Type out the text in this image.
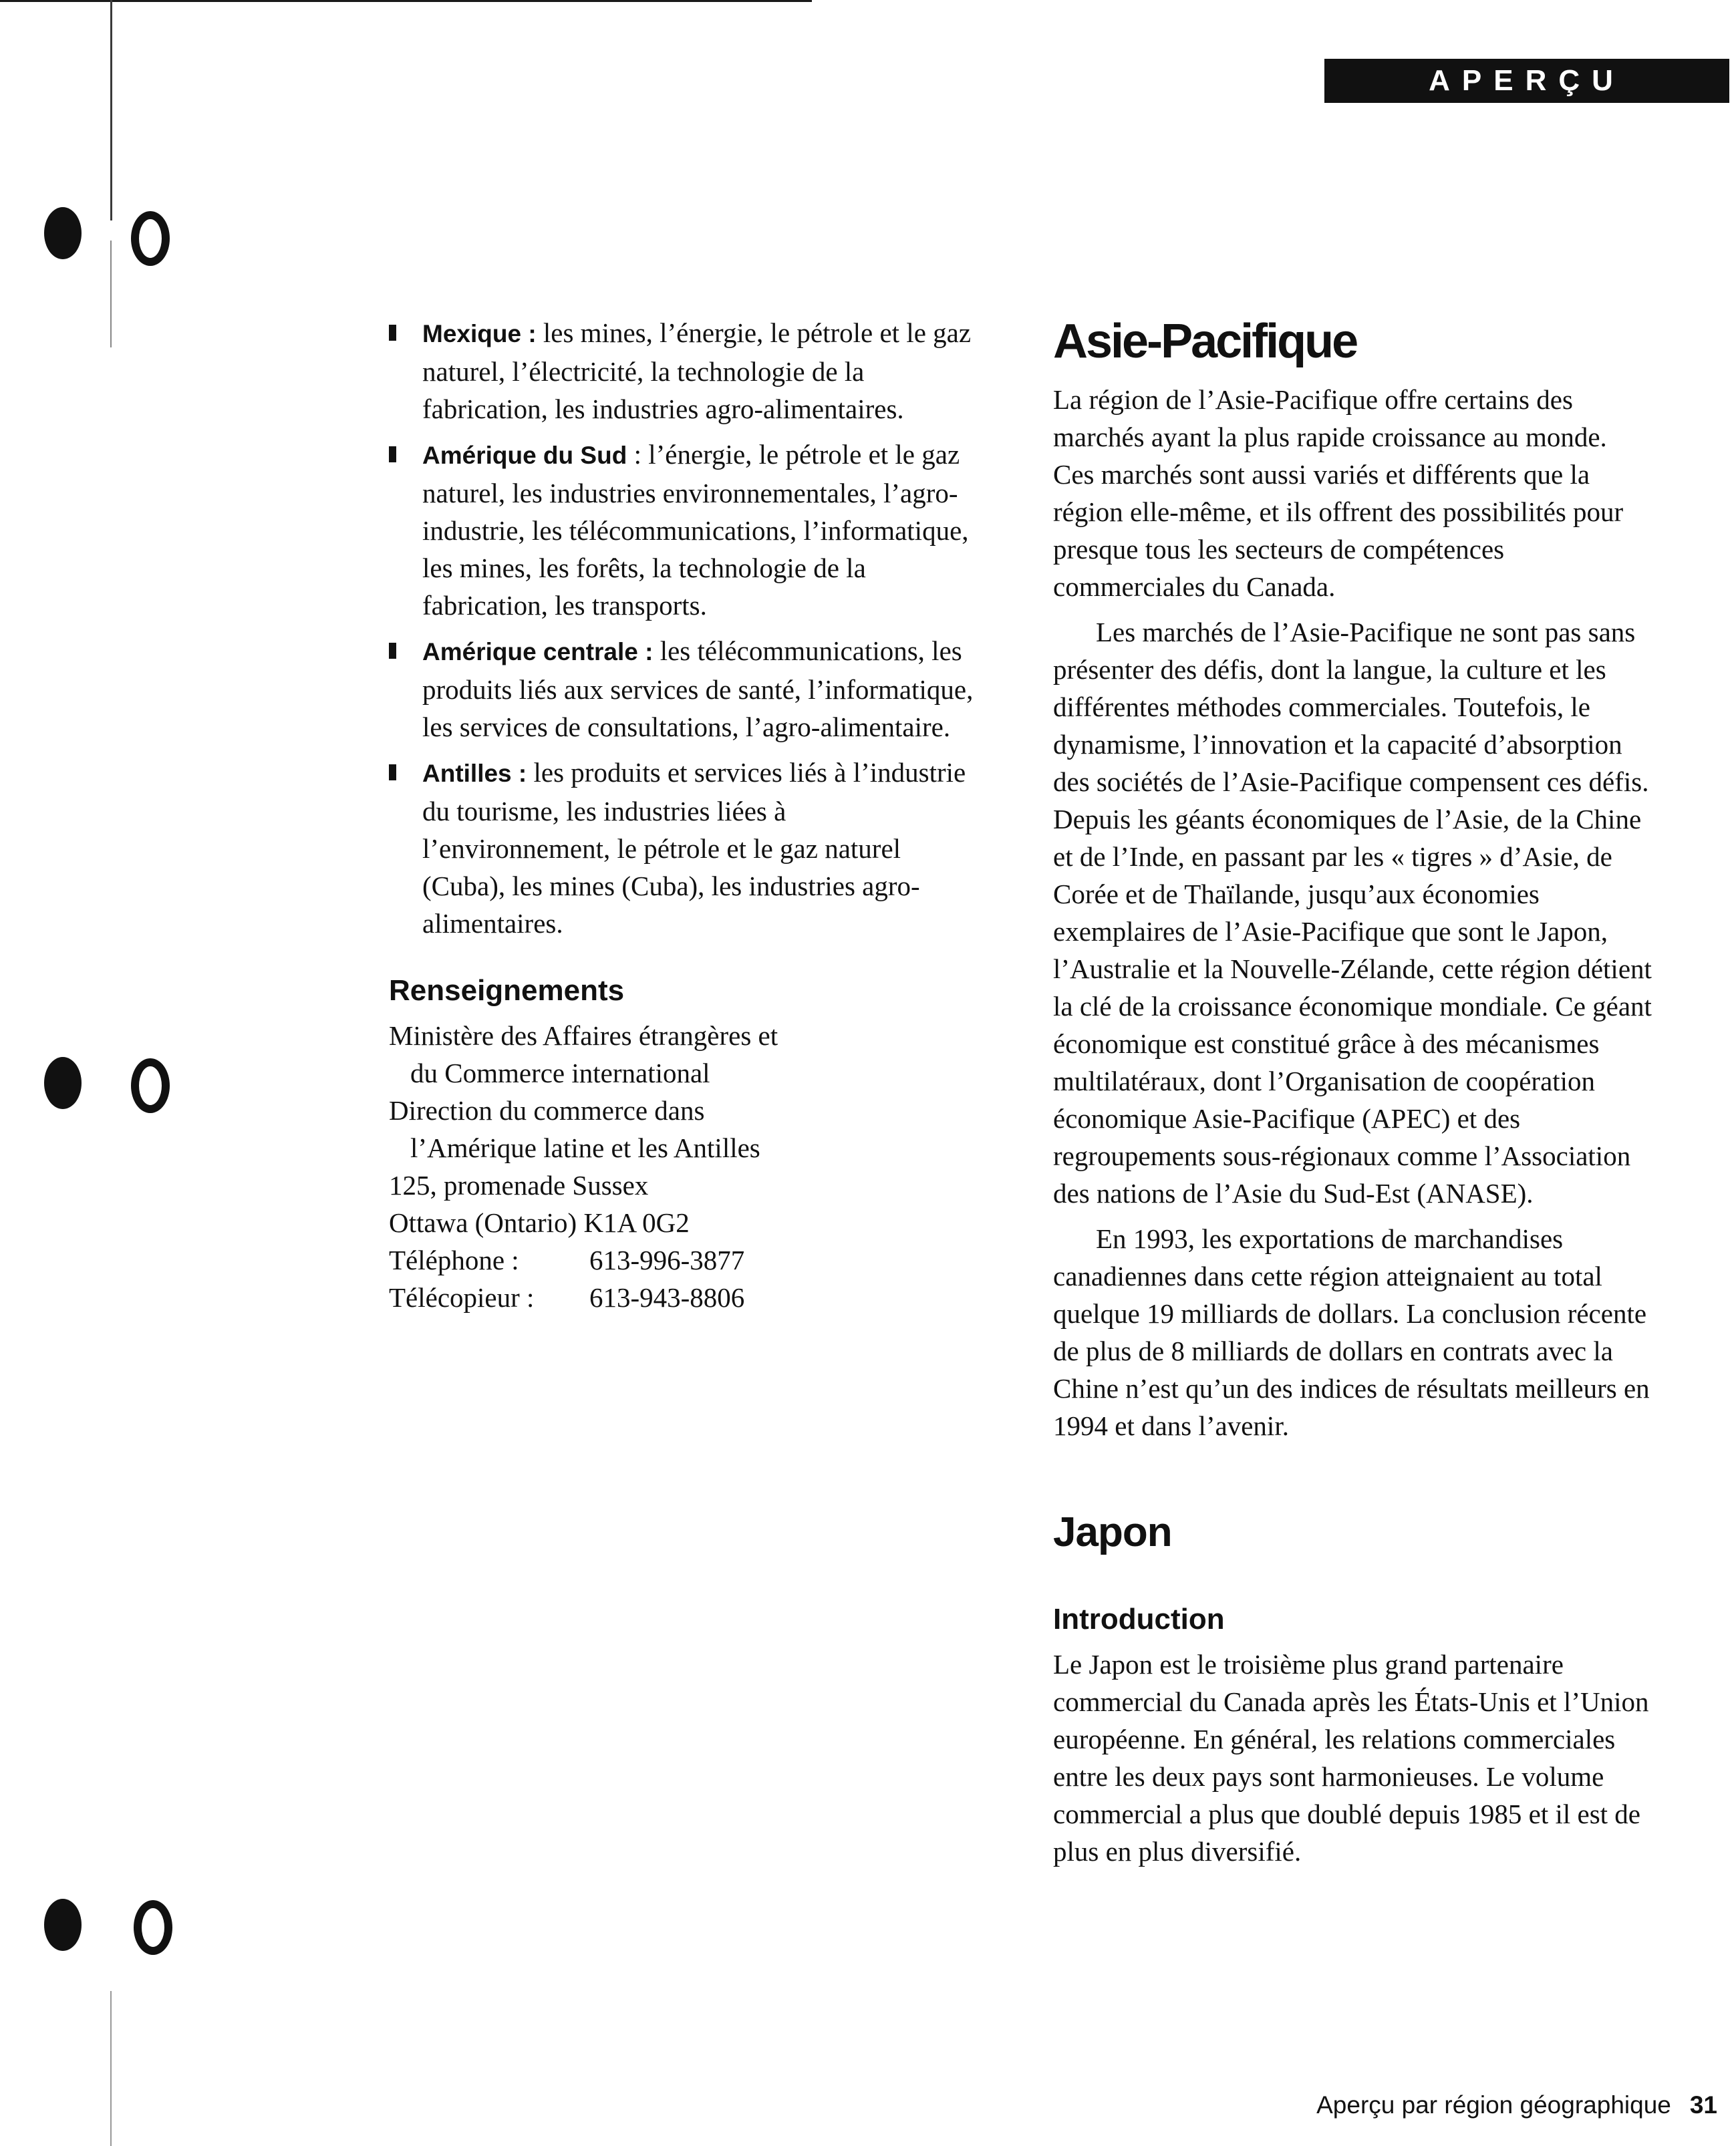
APERÇU
Mexique : les mines, l’énergie, le pétrole et le gaz naturel, l’électricité, la technologie de la fabrication, les industries agro-alimentaires.
Amérique du Sud : l’énergie, le pétrole et le gaz naturel, les industries environnementales, l’agro-industrie, les télécommunications, l’informatique, les mines, les forêts, la technologie de la fabrication, les transports.
Amérique centrale : les télécommunications, les produits liés aux services de santé, l’informatique, les services de consultations, l’agro-alimentaire.
Antilles : les produits et services liés à l’industrie du tourisme, les industries liées à l’environnement, le pétrole et le gaz naturel (Cuba), les mines (Cuba), les industries agro-alimentaires.
Renseignements

Ministère des Affaires étrangères et

du Commerce international

Direction du commerce dans

l’Amérique latine et les Antilles

125, promenade Sussex

Ottawa (Ontario) K1A 0G2

Téléphone :	613-996-3877

Télécopieur :	613-943-8806

Asie-Pacifique

La région de l’Asie-Pacifique offre certains des marchés ayant la plus rapide croissance au monde. Ces marchés sont aussi variés et différents que la région elle-même, et ils offrent des possibilités pour presque tous les secteurs de compétences commerciales du Canada.

Les marchés de l’Asie-Pacifique ne sont pas sans présenter des défis, dont la langue, la culture et les différentes méthodes commerciales. Toutefois, le dynamisme, l’innovation et la capacité d’absorption des sociétés de l’Asie-Pacifique compensent ces défis. Depuis les géants économiques de l’Asie, de la Chine et de l’Inde, en passant par les « tigres » d’Asie, de Corée et de Thaïlande, jusqu’aux économies exemplaires de l’Asie-Pacifique que sont le Japon, l’Australie et la Nouvelle-Zélande, cette région détient la clé de la croissance économique mondiale. Ce géant économique est constitué grâce à des mécanismes multilatéraux, dont l’Organisation de coopération économique Asie-Pacifique (APEC) et des regroupements sous-régionaux comme l’Association des nations de l’Asie du Sud-Est (ANASE).

En 1993, les exportations de marchandises canadiennes dans cette région atteignaient au total quelque 19 milliards de dollars. La conclusion récente de plus de 8 milliards de dollars en contrats avec la Chine n’est qu’un des indices de résultats meilleurs en 1994 et dans l’avenir.

Japon
Introduction

Le Japon est le troisième plus grand partenaire commercial du Canada après les États-Unis et l’Union européenne. En général, les relations commerciales entre les deux pays sont harmonieuses. Le volume commercial a plus que doublé depuis 1985 et il est de plus en plus diversifié.

Aperçu par région géographique 31
